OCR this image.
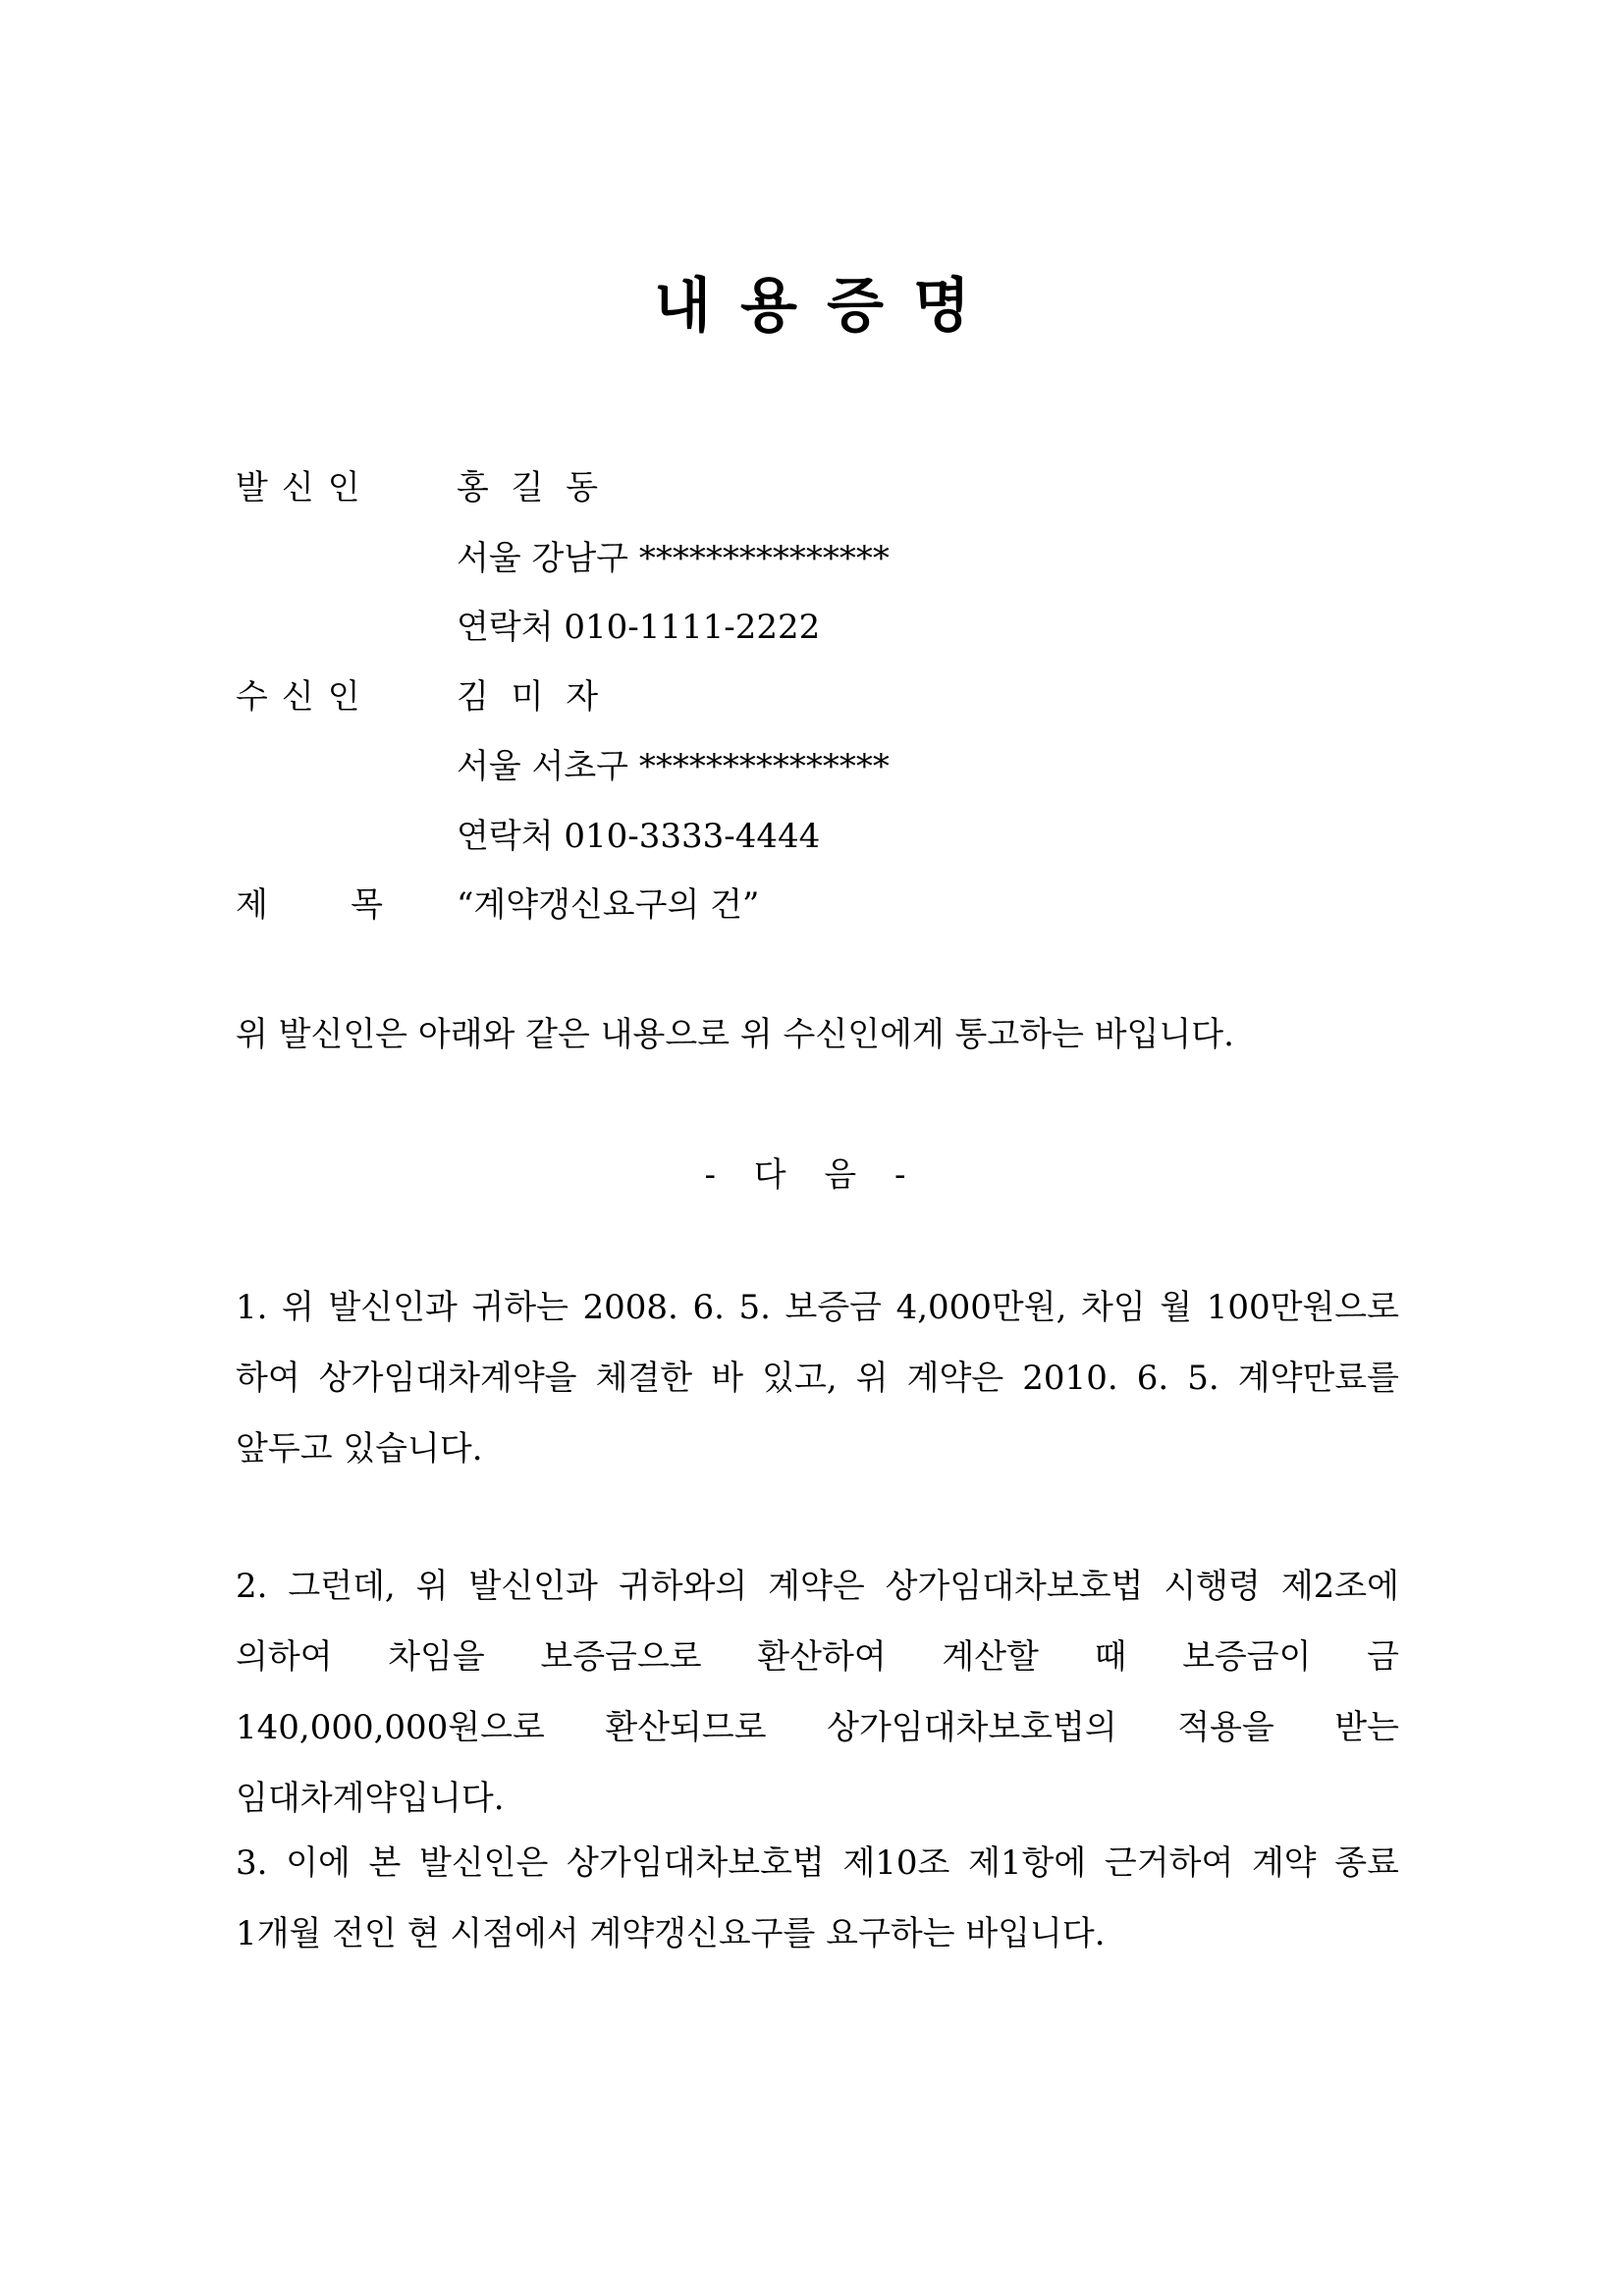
내용증명
발신인 홍 길 동
서울 강남구 ***************
연락처 010-1111-2222
수신인 김 미 자
서울 서초구 ***************
연락처 010-3333-4444
제 목 “계약갱신요구의 건”
위 발신인은 아래와 같은 내용으로 위 수신인에게 통고하는 바입니다.
- 다 음 -

1. 위 발신인과 귀하는 2008. 6. 5. 보증금 4,000만원, 차임 월 100만원으로 하여 상가임대차계약을 체결한 바 있고, 위 계약은 2010. 6. 5. 계약만료를 앞두고 있습니다.

2. 그런데, 위 발신인과 귀하와의 계약은 상가임대차보호법 시행령 제2조에 의하여 차임을 보증금으로 환산하여 계산할 때 보증금이 금 140,000,000원으로 환산되므로 상가임대차보호법의 적용을 받는 임대차계약입니다.

3. 이에 본 발신인은 상가임대차보호법 제10조 제1항에 근거하여 계약 종료 1개월 전인 현 시점에서 계약갱신요구를 요구하는 바입니다.
